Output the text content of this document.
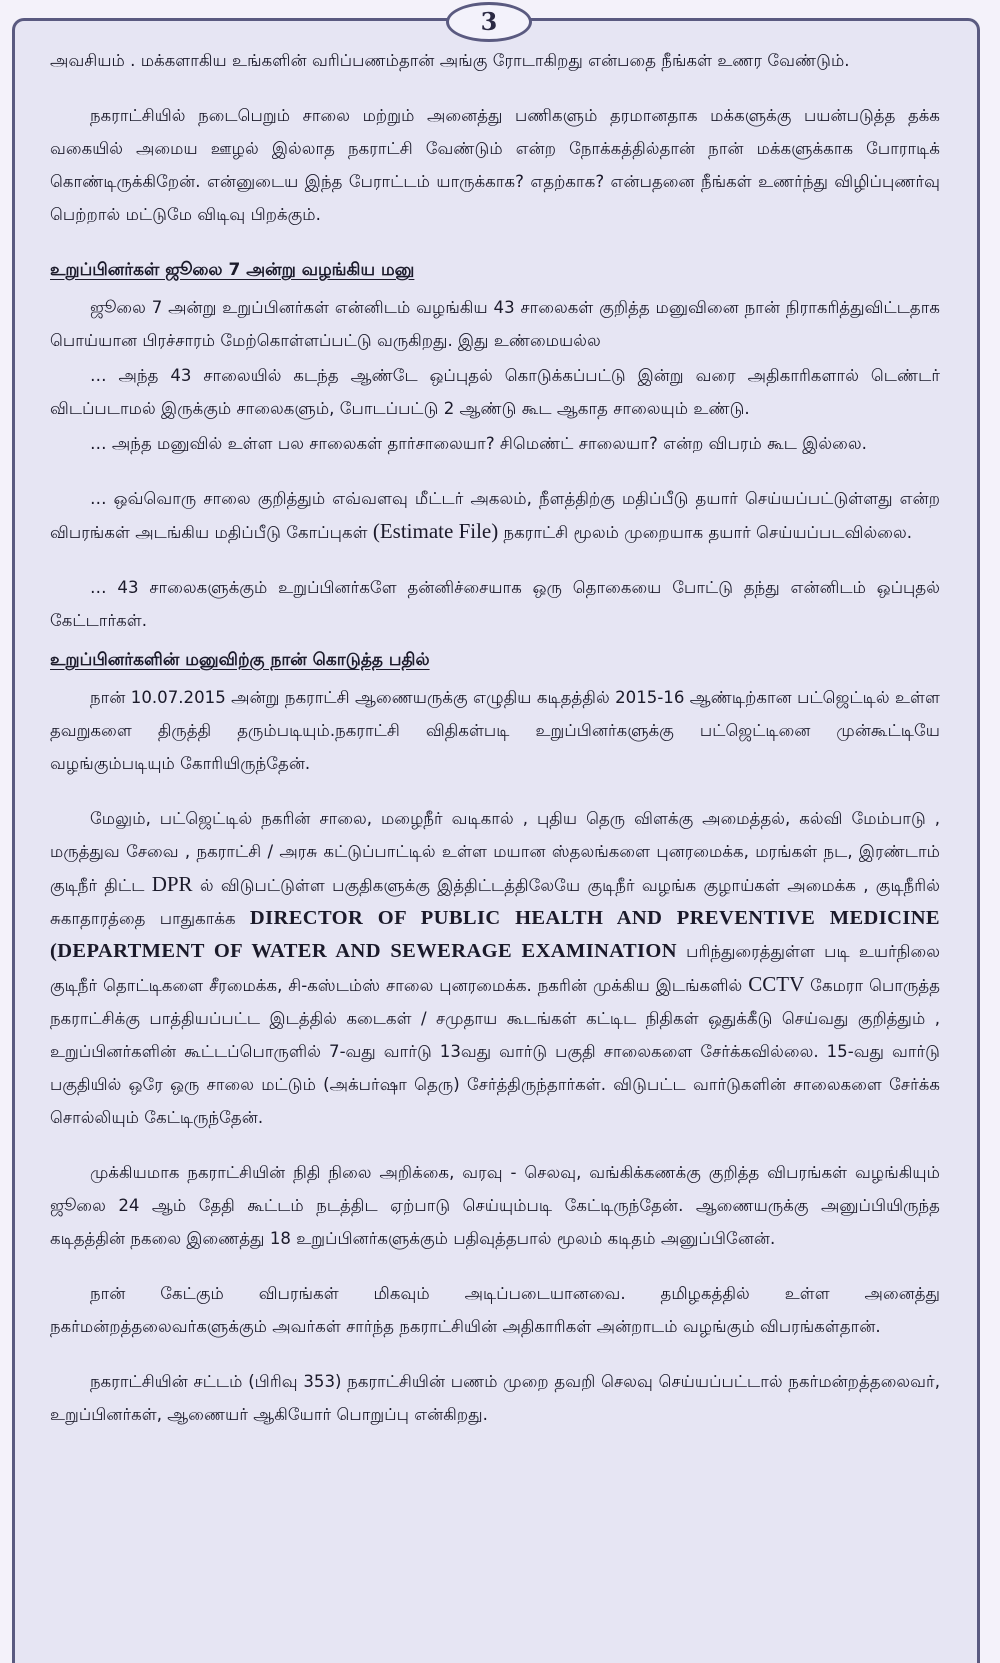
3

அவசியம் . மக்களாகிய உங்களின் வரிப்பணம்தான் அங்கு ரோடாகிறது என்பதை நீங்கள் உணர வேண்டும்.

நகராட்சியில் நடைபெறும் சாலை மற்றும் அனைத்து பணிகளும் தரமானதாக மக்களுக்கு பயன்படுத்த தக்க வகையில் அமைய ஊழல் இல்லாத நகராட்சி வேண்டும் என்ற நோக்கத்தில்தான் நான் மக்களுக்காக போராடிக் கொண்டிருக்கிறேன். என்னுடைய இந்த பேராட்டம் யாருக்காக? எதற்காக? என்பதனை நீங்கள் உணர்ந்து விழிப்புணர்வு பெற்றால் மட்டுமே விடிவு பிறக்கும்.

உறுப்பினர்கள் ஜூலை 7 அன்று வழங்கிய மனு

ஜூலை 7 அன்று உறுப்பினர்கள் என்னிடம் வழங்கிய 43 சாலைகள் குறித்த மனுவினை நான் நிராகரித்துவிட்டதாக பொய்யான பிரச்சாரம் மேற்கொள்ளப்பட்டு வருகிறது. இது உண்மையல்ல

… அந்த 43 சாலையில் கடந்த ஆண்டே ஒப்புதல் கொடுக்கப்பட்டு இன்று வரை அதிகாரிகளால் டெண்டர் விடப்படாமல் இருக்கும் சாலைகளும், போடப்பட்டு 2 ஆண்டு கூட ஆகாத சாலையும் உண்டு.

… அந்த மனுவில் உள்ள பல சாலைகள் தார்சாலையா? சிமெண்ட் சாலையா? என்ற விபரம் கூட இல்லை.

… ஒவ்வொரு சாலை குறித்தும் எவ்வளவு மீட்டர் அகலம், நீளத்திற்கு மதிப்பீடு தயார் செய்யப்பட்டுள்ளது என்ற விபரங்கள் அடங்கிய மதிப்பீடு கோப்புகள் (Estimate File) நகராட்சி மூலம் முறையாக தயார் செய்யப்படவில்லை.

… 43 சாலைகளுக்கும் உறுப்பினர்களே தன்னிச்சையாக ஒரு தொகையை போட்டு தந்து என்னிடம் ஒப்புதல் கேட்டார்கள்.

உறுப்பினர்களின் மனுவிற்கு நான் கொடுத்த பதில்

நான் 10.07.2015 அன்று நகராட்சி ஆணையருக்கு எழுதிய கடிதத்தில் 2015-16 ஆண்டிற்கான பட்ஜெட்டில் உள்ள தவறுகளை திருத்தி தரும்படியும்.நகராட்சி விதிகள்படி உறுப்பினர்களுக்கு பட்ஜெட்டினை முன்கூட்டியே வழங்கும்படியும் கோரியிருந்தேன்.

மேலும், பட்ஜெட்டில் நகரின் சாலை, மழைநீர் வடிகால் , புதிய தெரு விளக்கு அமைத்தல், கல்வி மேம்பாடு , மருத்துவ சேவை , நகராட்சி / அரசு கட்டுப்பாட்டில் உள்ள மயான ஸ்தலங்களை புனரமைக்க, மரங்கள் நட, இரண்டாம் குடிநீர் திட்ட DPR ல் விடுபட்டுள்ள பகுதிகளுக்கு இத்திட்டத்திலேயே குடிநீர் வழங்க குழாய்கள் அமைக்க , குடிநீரில் சுகாதாரத்தை பாதுகாக்க DIRECTOR OF PUBLIC HEALTH AND PREVENTIVE MEDICINE (DEPARTMENT OF WATER AND SEWERAGE EXAMINATION பரிந்துரைத்துள்ள படி உயர்நிலை குடிநீர் தொட்டிகளை சீரமைக்க, சி-கஸ்டம்ஸ் சாலை புனரமைக்க. நகரின் முக்கிய இடங்களில் CCTV கேமரா பொருத்த நகராட்சிக்கு பாத்தியப்பட்ட இடத்தில் கடைகள் / சமுதாய கூடங்கள் கட்டிட நிதிகள் ஒதுக்கீடு செய்வது குறித்தும் , உறுப்பினர்களின் கூட்டப்பொருளில் 7-வது வார்டு 13வது வார்டு பகுதி சாலைகளை சேர்க்கவில்லை. 15-வது வார்டு பகுதியில் ஒரே ஒரு சாலை மட்டும் (அக்பர்ஷா தெரு) சேர்த்திருந்தார்கள். விடுபட்ட வார்டுகளின் சாலைகளை சேர்க்க சொல்லியும் கேட்டிருந்தேன்.

முக்கியமாக நகராட்சியின் நிதி நிலை அறிக்கை, வரவு - செலவு, வங்கிக்கணக்கு குறித்த விபரங்கள் வழங்கியும் ஜூலை 24 ஆம் தேதி கூட்டம் நடத்திட ஏற்பாடு செய்யும்படி கேட்டிருந்தேன். ஆணையருக்கு அனுப்பியிருந்த கடிதத்தின் நகலை இணைத்து 18 உறுப்பினர்களுக்கும் பதிவுத்தபால் மூலம் கடிதம் அனுப்பினேன்.

நான் கேட்கும் விபரங்கள் மிகவும் அடிப்படையானவை. தமிழகத்தில் உள்ள அனைத்து நகர்மன்றத்தலைவர்களுக்கும் அவர்கள் சார்ந்த நகராட்சியின் அதிகாரிகள் அன்றாடம் வழங்கும் விபரங்கள்தான்.

நகராட்சியின் சட்டம் (பிரிவு 353) நகராட்சியின் பணம் முறை தவறி செலவு செய்யப்பட்டால் நகர்மன்றத்தலைவர், உறுப்பினர்கள், ஆணையர் ஆகியோர் பொறுப்பு என்கிறது.
